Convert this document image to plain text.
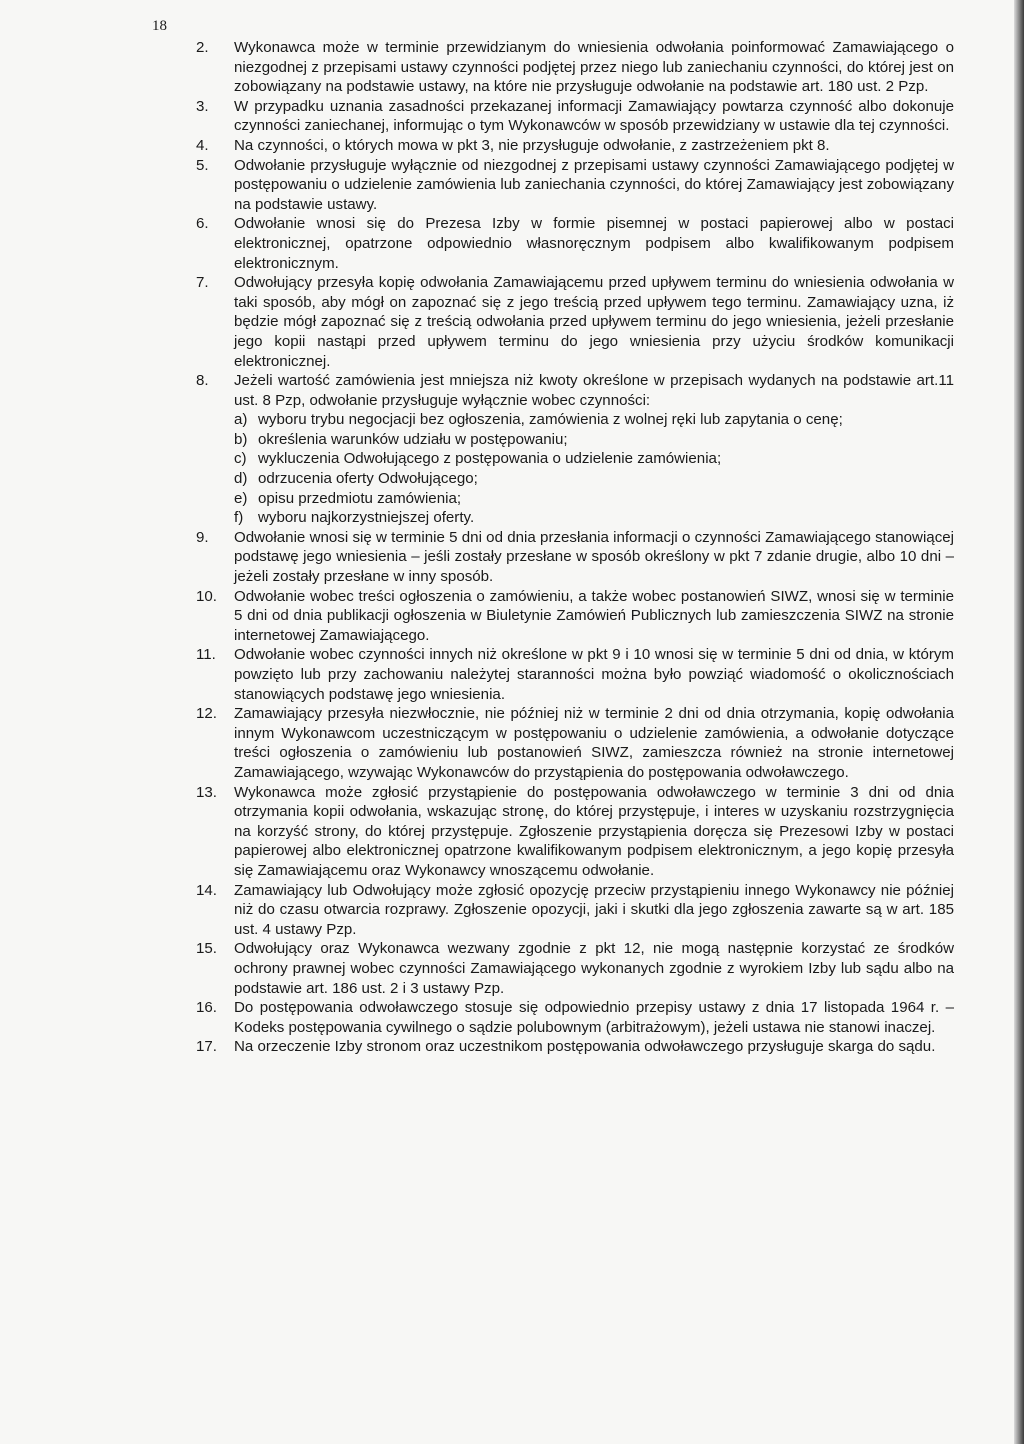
18
2. Wykonawca może w terminie przewidzianym do wniesienia odwołania poinformować Zamawiającego o niezgodnej z przepisami ustawy czynności podjętej przez niego lub zaniechaniu czynności, do której jest on zobowiązany na podstawie ustawy, na które nie przysługuje odwołanie na podstawie art. 180 ust. 2 Pzp.
3. W przypadku uznania zasadności przekazanej informacji Zamawiający powtarza czynność albo dokonuje czynności zaniechanej, informując o tym Wykonawców w sposób przewidziany w ustawie dla tej czynności.
4. Na czynności, o których mowa w pkt 3, nie przysługuje odwołanie, z zastrzeżeniem pkt 8.
5. Odwołanie przysługuje wyłącznie od niezgodnej z przepisami ustawy czynności Zamawiającego podjętej w postępowaniu o udzielenie zamówienia lub zaniechania czynności, do której Zamawiający jest zobowiązany na podstawie ustawy.
6. Odwołanie wnosi się do Prezesa Izby w formie pisemnej w postaci papierowej albo w postaci elektronicznej, opatrzone odpowiednio własnoręcznym podpisem albo kwalifikowanym podpisem elektronicznym.
7. Odwołujący przesyła kopię odwołania Zamawiającemu przed upływem terminu do wniesienia odwołania w taki sposób, aby mógł on zapoznać się z jego treścią przed upływem tego terminu. Zamawiający uzna, iż będzie mógł zapoznać się z treścią odwołania przed upływem terminu do jego wniesienia, jeżeli przesłanie jego kopii nastąpi przed upływem terminu do jego wniesienia przy użyciu środków komunikacji elektronicznej.
8. Jeżeli wartość zamówienia jest mniejsza niż kwoty określone w przepisach wydanych na podstawie art.11 ust. 8 Pzp, odwołanie przysługuje wyłącznie wobec czynności:
a) wyboru trybu negocjacji bez ogłoszenia, zamówienia z wolnej ręki lub zapytania o cenę;
b) określenia warunków udziału w postępowaniu;
c) wykluczenia Odwołującego z postępowania o udzielenie zamówienia;
d) odrzucenia oferty Odwołującego;
e) opisu przedmiotu zamówienia;
f) wyboru najkorzystniejszej oferty.
9. Odwołanie wnosi się w terminie 5 dni od dnia przesłania informacji o czynności Zamawiającego stanowiącej podstawę jego wniesienia – jeśli zostały przesłane w sposób określony w pkt 7 zdanie drugie, albo 10 dni – jeżeli zostały przesłane w inny sposób.
10. Odwołanie wobec treści ogłoszenia o zamówieniu, a także wobec postanowień SIWZ, wnosi się w terminie 5 dni od dnia publikacji ogłoszenia w Biuletynie Zamówień Publicznych lub zamieszczenia SIWZ na stronie internetowej Zamawiającego.
11. Odwołanie wobec czynności innych niż określone w pkt 9 i 10 wnosi się w terminie 5 dni od dnia, w którym powzięto lub przy zachowaniu należytej staranności można było powziąć wiadomość o okolicznościach stanowiących podstawę jego wniesienia.
12. Zamawiający przesyła niezwłocznie, nie później niż w terminie 2 dni od dnia otrzymania, kopię odwołania innym Wykonawcom uczestniczącym w postępowaniu o udzielenie zamówienia, a odwołanie dotyczące treści ogłoszenia o zamówieniu lub postanowień SIWZ, zamieszcza również na stronie internetowej Zamawiającego, wzywając Wykonawców do przystąpienia do postępowania odwoławczego.
13. Wykonawca może zgłosić przystąpienie do postępowania odwoławczego w terminie 3 dni od dnia otrzymania kopii odwołania, wskazując stronę, do której przystępuje, i interes w uzyskaniu rozstrzygnięcia na korzyść strony, do której przystępuje. Zgłoszenie przystąpienia doręcza się Prezesowi Izby w postaci papierowej albo elektronicznej opatrzone kwalifikowanym podpisem elektronicznym, a jego kopię przesyła się Zamawiającemu oraz Wykonawcy wnoszącemu odwołanie.
14. Zamawiający lub Odwołujący może zgłosić opozycję przeciw przystąpieniu innego Wykonawcy nie później niż do czasu otwarcia rozprawy. Zgłoszenie opozycji, jaki i skutki dla jego zgłoszenia zawarte są w art. 185 ust. 4 ustawy Pzp.
15. Odwołujący oraz Wykonawca wezwany zgodnie z pkt 12, nie mogą następnie korzystać ze środków ochrony prawnej wobec czynności Zamawiającego wykonanych zgodnie z wyrokiem Izby lub sądu albo na podstawie art. 186 ust. 2 i 3 ustawy Pzp.
16. Do postępowania odwoławczego stosuje się odpowiednio przepisy ustawy z dnia 17 listopada 1964 r. – Kodeks postępowania cywilnego o sądzie polubownym (arbitrażowym), jeżeli ustawa nie stanowi inaczej.
17. Na orzeczenie Izby stronom oraz uczestnikom postępowania odwoławczego przysługuje skarga do sądu.
